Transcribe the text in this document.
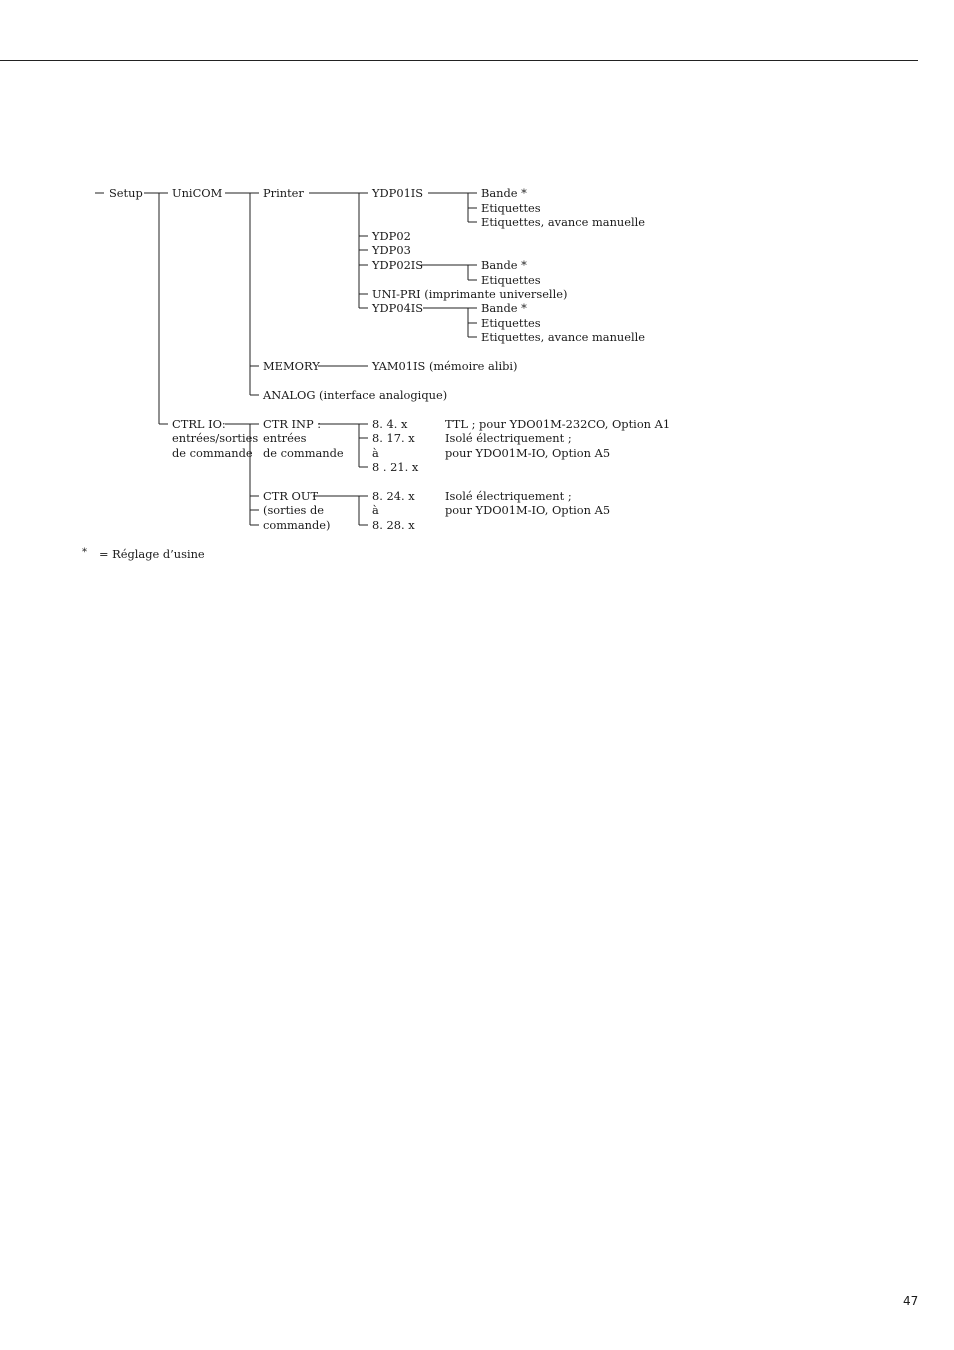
Setup	UniCOM
CTRL IO:
entrées/sorties
de commande
Printer
MEMORY
ANALOG (interface analogique)
CTR INP :
entrées
de commande
CTR OUT
(sorties de
commande)
YDP01IS
YDP02
YDP03
YDP02IS
UNI-PRI (imprimante universelle)
YDP04IS
YAM01IS (mémoire alibi)
8. 4. x
8. 17. x
à
8 . 21. x
8. 24. x
à
8. 28. x
TTL ; pour YDO01M-232CO, Option A1
Isolé électriquement ;
pour YDO01M-IO, Option A5
Isolé électriquement ;
pour YDO01M-IO, Option A5
Bande *
Etiquettes
Etiquettes, avance manuelle
Bande *
Etiquettes
Bande *
Etiquettes
Etiquettes, avance manuelle
* = Réglage d’usine
47
